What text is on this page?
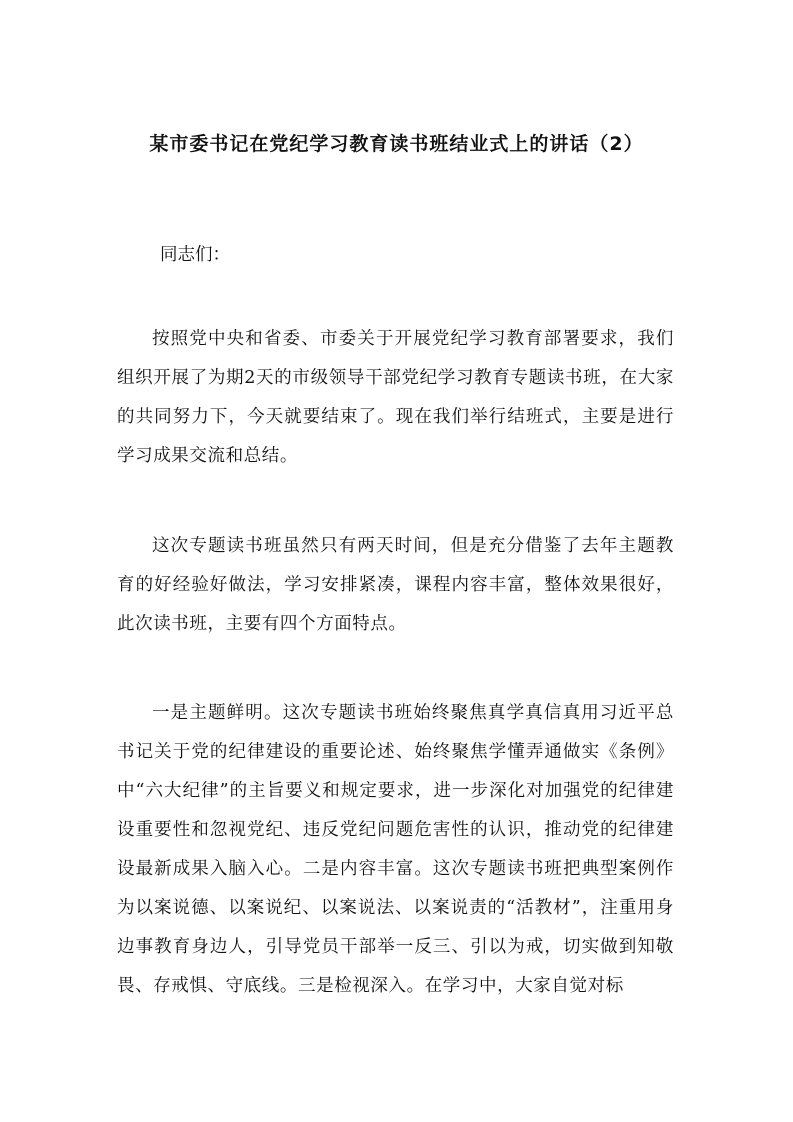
某市委书记在党纪学习教育读书班结业式上的讲话（2）
同志们：

按照党中央和省委、市委关于开展党纪学习教育部署要求，我们组织开展了为期2天的市级领导干部党纪学习教育专题读书班，在大家的共同努力下，今天就要结束了。现在我们举行结班式，主要是进行学习成果交流和总结。

这次专题读书班虽然只有两天时间，但是充分借鉴了去年主题教育的好经验好做法，学习安排紧凑，课程内容丰富，整体效果很好，此次读书班，主要有四个方面特点。

一是主题鲜明。这次专题读书班始终聚焦真学真信真用习近平总书记关于党的纪律建设的重要论述、始终聚焦学懂弄通做实《条例》中“六大纪律”的主旨要义和规定要求，进一步深化对加强党的纪律建设重要性和忽视党纪、违反党纪问题危害性的认识，推动党的纪律建设最新成果入脑入心。二是内容丰富。这次专题读书班把典型案例作为以案说德、以案说纪、以案说法、以案说责的“活教材”，注重用身边事教育身边人，引导党员干部举一反三、引以为戒，切实做到知敬畏、存戒惧、守底线。三是检视深入。在学习中，大家自觉对标
